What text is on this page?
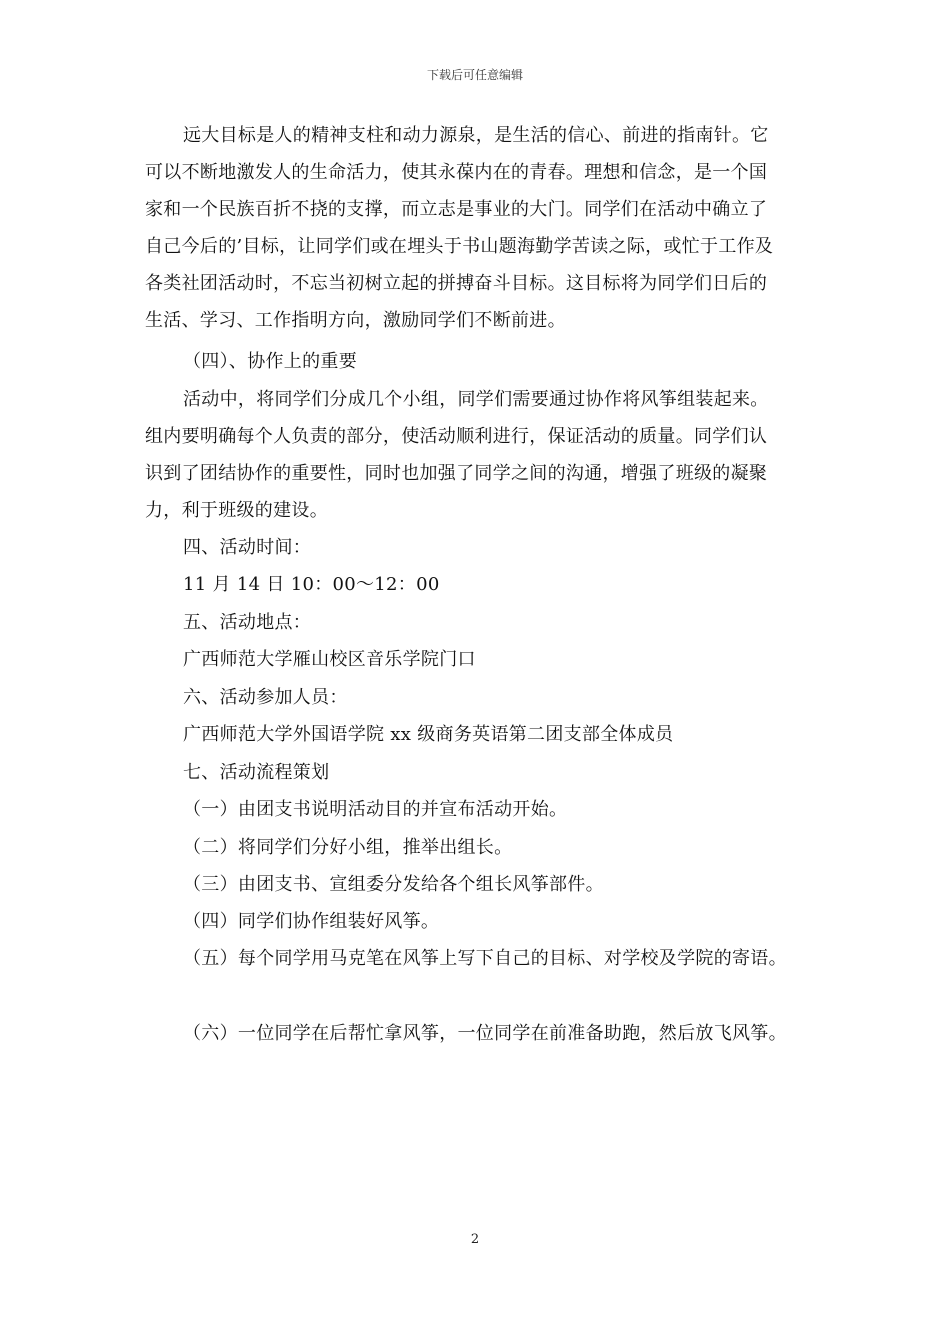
下载后可任意编辑
远大目标是人的精神支柱和动力源泉，是生活的信心、前进的指南针。它
可以不断地激发人的生命活力，使其永葆内在的青春。理想和信念，是一个国
家和一个民族百折不挠的支撑，而立志是事业的大门。同学们在活动中确立了
自己今后的’目标，让同学们或在埋头于书山题海勤学苦读之际，或忙于工作及
各类社团活动时，不忘当初树立起的拼搏奋斗目标。这目标将为同学们日后的
生活、学习、工作指明方向，激励同学们不断前进。
（四）、协作上的重要
活动中，将同学们分成几个小组，同学们需要通过协作将风筝组装起来。
组内要明确每个人负责的部分，使活动顺利进行，保证活动的质量。同学们认
识到了团结协作的重要性，同时也加强了同学之间的沟通，增强了班级的凝聚
力，利于班级的建设。
四、活动时间：
11 月 14 日 10：00～12：00
五、活动地点：
广西师范大学雁山校区音乐学院门口
六、活动参加人员：
广西师范大学外国语学院 xx 级商务英语第二团支部全体成员
七、活动流程策划
（一）由团支书说明活动目的并宣布活动开始。
（二）将同学们分好小组，推举出组长。
（三）由团支书、宣组委分发给各个组长风筝部件。
（四）同学们协作组装好风筝。
（五）每个同学用马克笔在风筝上写下自己的目标、对学校及学院的寄语。
（六）一位同学在后帮忙拿风筝，一位同学在前准备助跑，然后放飞风筝。
2
